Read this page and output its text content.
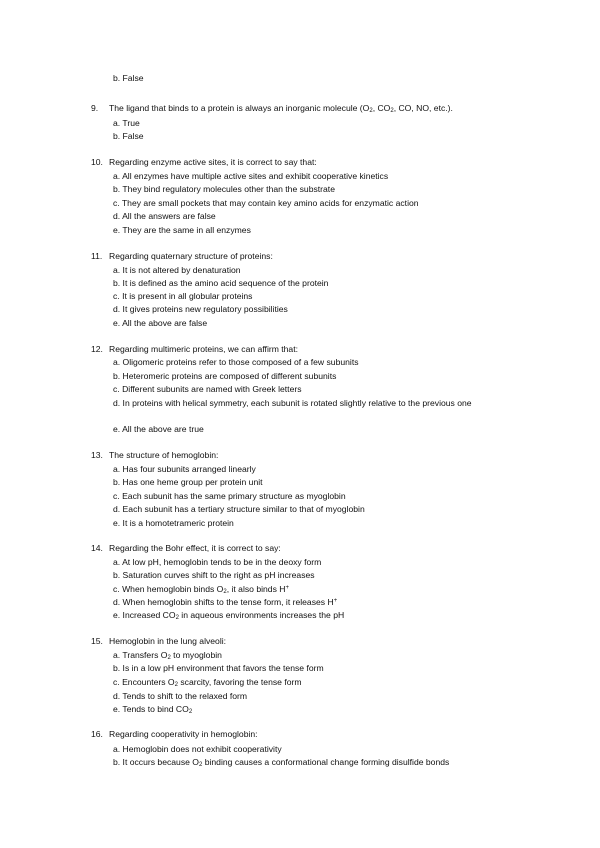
b. False
9. The ligand that binds to a protein is always an inorganic molecule ($O_2$, $CO_2$, CO, NO, etc.).
a. True
b. False
10. Regarding enzyme active sites, it is correct to say that:
a. All enzymes have multiple active sites and exhibit cooperative kinetics
b. They bind regulatory molecules other than the substrate
c. They are small pockets that may contain key amino acids for enzymatic action
d. All the answers are false
e. They are the same in all enzymes
11. Regarding quaternary structure of proteins:
a. It is not altered by denaturation
b. It is defined as the amino acid sequence of the protein
c. It is present in all globular proteins
d. It gives proteins new regulatory possibilities
e. All the above are false
12. Regarding multimeric proteins, we can affirm that:
a. Oligomeric proteins refer to those composed of a few subunits
b. Heteromeric proteins are composed of different subunits
c. Different subunits are named with Greek letters
d. In proteins with helical symmetry, each subunit is rotated slightly relative to the previous one
e. All the above are true
13. The structure of hemoglobin:
a. Has four subunits arranged linearly
b. Has one heme group per protein unit
c. Each subunit has the same primary structure as myoglobin
d. Each subunit has a tertiary structure similar to that of myoglobin
e. It is a homotetrameric protein
14. Regarding the Bohr effect, it is correct to say:
a. At low pH, hemoglobin tends to be in the deoxy form
b. Saturation curves shift to the right as pH increases
c. When hemoglobin binds $O_2$, it also binds H+
d. When hemoglobin shifts to the tense form, it releases H+
e. Increased $CO_2$ in aqueous environments increases the pH
15. Hemoglobin in the lung alveoli:
a. Transfers $O_2$ to myoglobin
b. Is in a low pH environment that favors the tense form
c. Encounters $O_2$ scarcity, favoring the tense form
d. Tends to shift to the relaxed form
e. Tends to bind $CO_2$
16. Regarding cooperativity in hemoglobin:
a. Hemoglobin does not exhibit cooperativity
b. It occurs because $O_2$ binding causes a conformational change forming disulfide bonds
